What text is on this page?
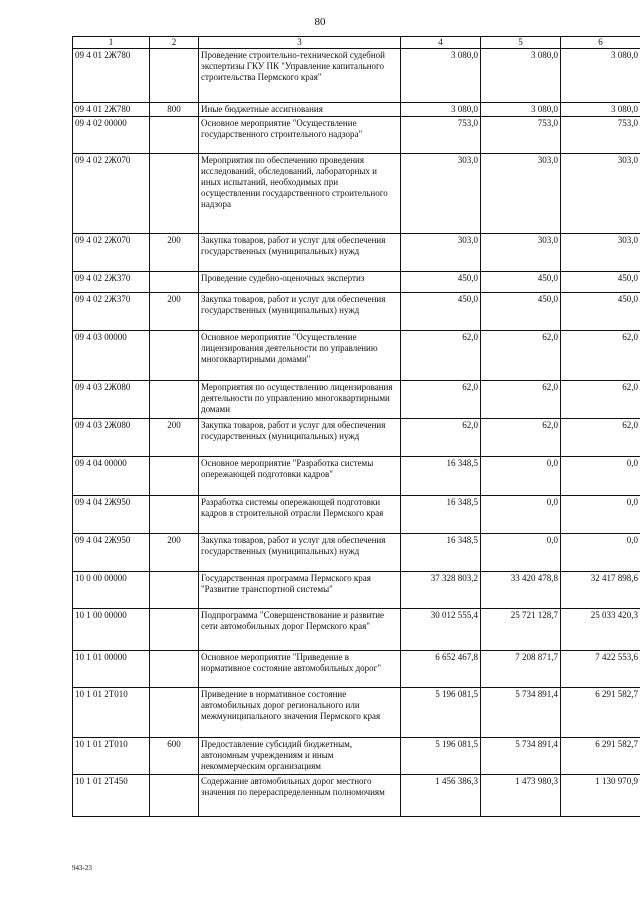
80
1	2	3	4	5	6
09 4 01 2Ж780		Проведение строительно-технической судебной экспертизы ГКУ ПК "Управление капитального строительства Пермского края"	3 080,0	3 080,0	3 080,0
09 4 01 2Ж780	800	Иные бюджетные ассигнования	3 080,0	3 080,0	3 080,0
09 4 02 00000		Основное мероприятие "Осуществление государственного строительного надзора"	753,0	753,0	753,0
09 4 02 2Ж070		Мероприятия по обеспечению проведения исследований, обследований, лабораторных и иных испытаний, необходимых при осуществлении государственного строительного надзора	303,0	303,0	303,0
09 4 02 2Ж070	200	Закупка товаров, работ и услуг для обеспечения государственных (муниципальных) нужд	303,0	303,0	303,0
09 4 02 2Ж370		Проведение судебно-оценочных экспертиз	450,0	450,0	450,0
09 4 02 2Ж370	200	Закупка товаров, работ и услуг для обеспечения государственных (муниципальных) нужд	450,0	450,0	450,0
09 4 03 00000		Основное мероприятие "Осуществление лицензирования деятельности по управлению многоквартирными домами"	62,0	62,0	62,0
09 4 03 2Ж080		Мероприятия по осуществлению лицензирования деятельности по управлению многоквартирными домами	62,0	62,0	62,0
09 4 03 2Ж080	200	Закупка товаров, работ и услуг для обеспечения государственных (муниципальных) нужд	62,0	62,0	62,0
09 4 04 00000		Основное мероприятие "Разработка системы опережающей подготовки кадров"	16 348,5	0,0	0,0
09 4 04 2Ж950		Разработка системы опережающей подготовки кадров в строительной отрасли Пермского края	16 348,5	0,0	0,0
09 4 04 2Ж950	200	Закупка товаров, работ и услуг для обеспечения государственных (муниципальных) нужд	16 348,5	0,0	0,0
10 0 00 00000		Государственная программа Пермского края "Развитие транспортной системы"	37 328 803,2	33 420 478,8	32 417 898,6
10 1 00 00000		Подпрограмма "Совершенствование и развитие сети автомобильных дорог Пермского края"	30 012 555,4	25 721 128,7	25 033 420,3
10 1 01 00000		Основное мероприятие "Приведение в нормативное состояние автомобильных дорог"	6 652 467,8	7 208 871,7	7 422 553,6
10 1 01 2Т010		Приведение в нормативное состояние автомобильных дорог регионального или межмуниципального значения Пермского края	5 196 081,5	5 734 891,4	6 291 582,7
10 1 01 2Т010	600	Предоставление субсидий бюджетным, автономным учреждениям и иным некоммерческим организациям	5 196 081,5	5 734 891,4	6 291 582,7
10 1 01 2Т450		Содержание автомобильных дорог местного значения по перераспределенным полномочиям	1 456 386,3	1 473 980,3	1 130 970,9
943-23
